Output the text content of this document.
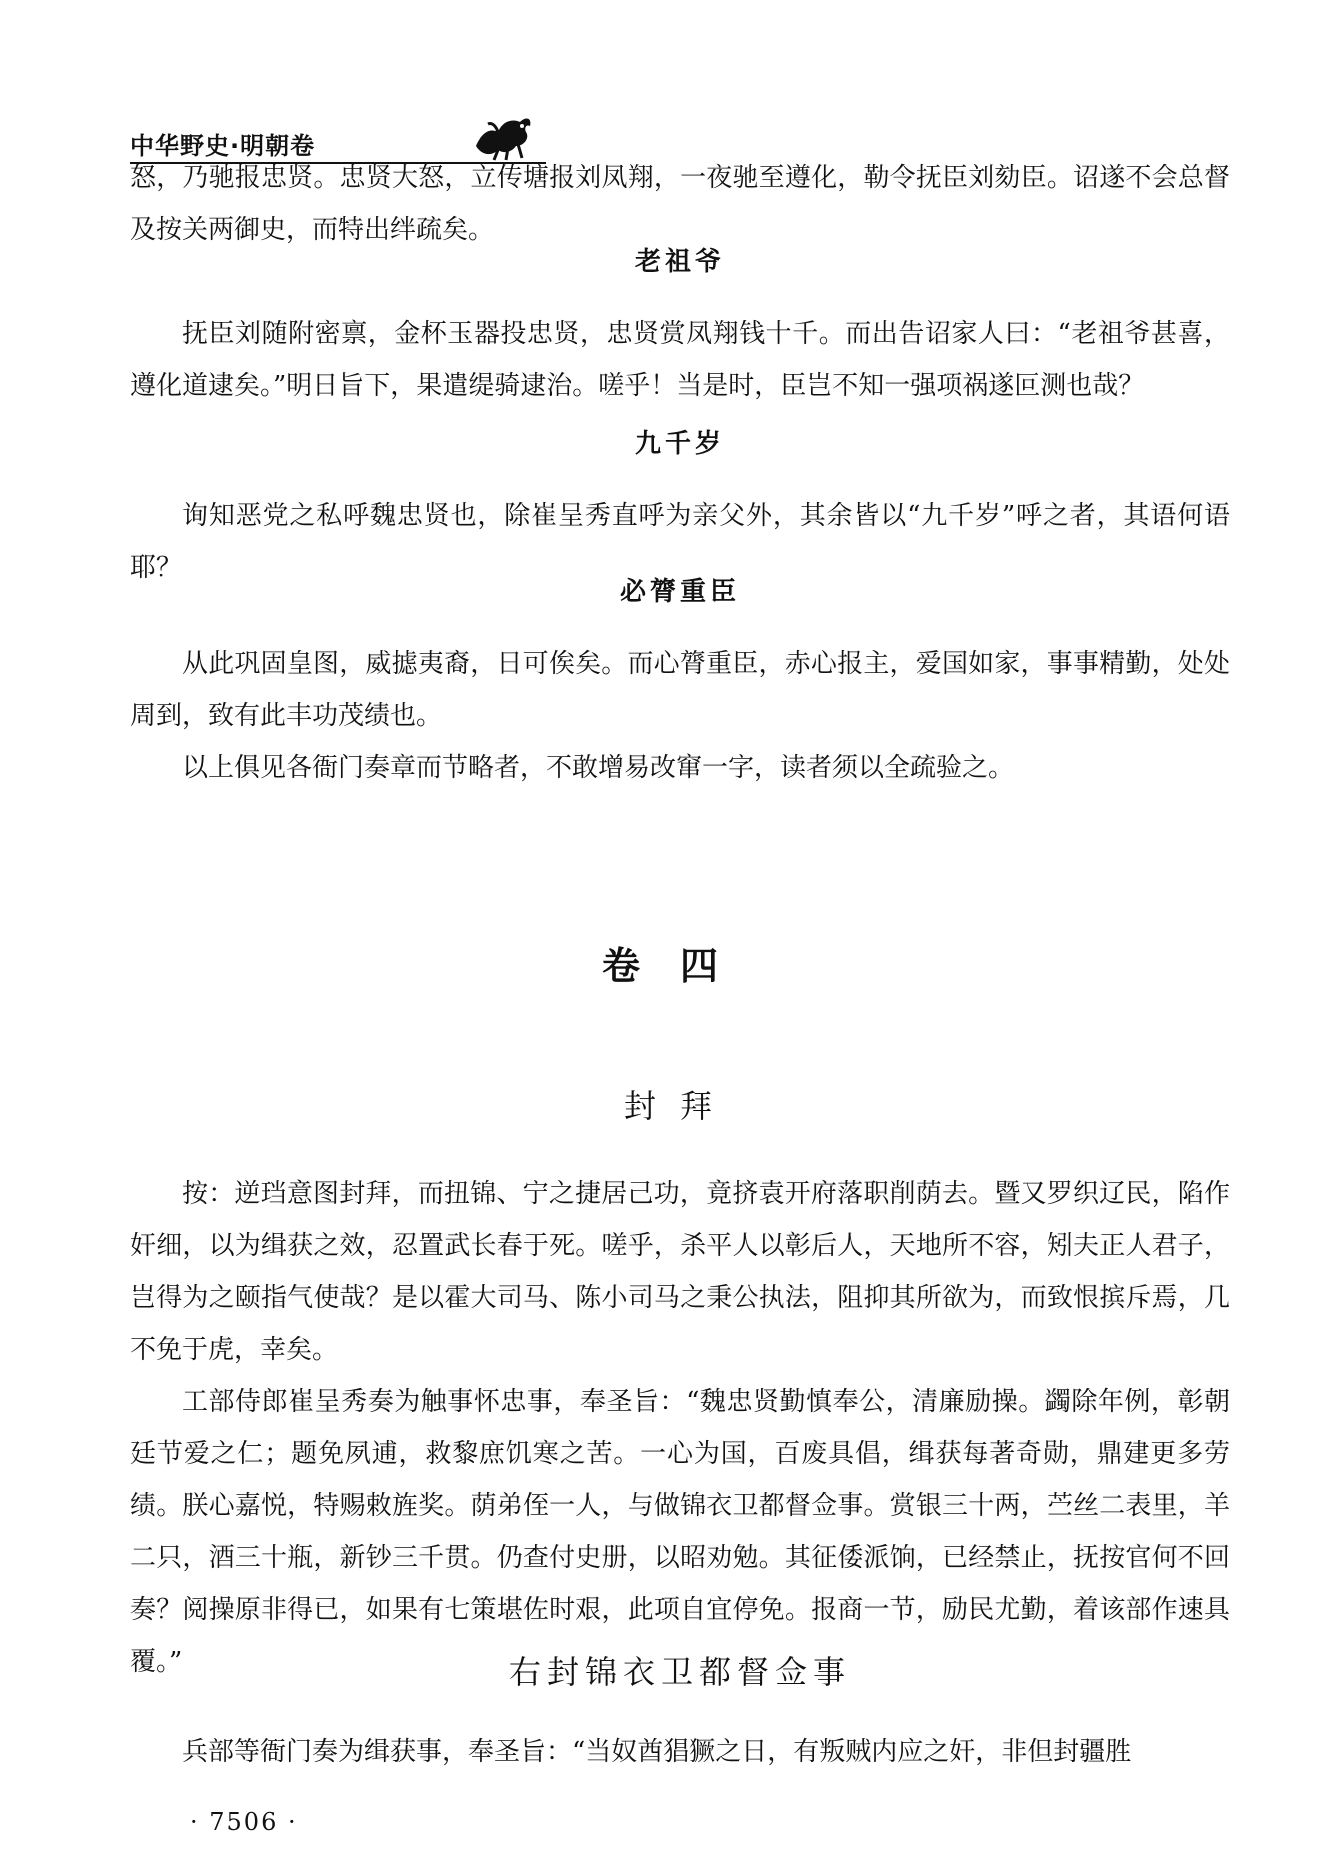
中华野史·明朝卷

怒，乃驰报忠贤。忠贤大怒，立传塘报刘凤翔，一夜驰至遵化，勒令抚臣刘劾臣。诏遂不会总督及按关两御史，而特出绊疏矣。

老祖爷

抚臣刘随附密禀，金杯玉器投忠贤，忠贤赏凤翔钱十千。而出告诏家人曰：“老祖爷甚喜，遵化道逮矣。”明日旨下，果遣缇骑逮治。嗟乎！当是时，臣岂不知一强项祸遂叵测也哉？

九千岁

询知恶党之私呼魏忠贤也，除崔呈秀直呼为亲父外，其余皆以“九千岁”呼之者，其语何语耶？

必膂重臣

从此巩固皇图，威摅夷裔，日可俟矣。而心膂重臣，赤心报主，爱国如家，事事精勤，处处周到，致有此丰功茂绩也。

以上俱见各衙门奏章而节略者，不敢增易改窜一字，读者须以全疏验之。

卷四
封拜

按：逆珰意图封拜，而扭锦、宁之捷居己功，竟挤袁开府落职削荫去。暨又罗织辽民，陷作奸细，以为缉获之效，忍置武长春于死。嗟乎，杀平人以彰后人，天地所不容，矧夫正人君子，岂得为之颐指气使哉？是以霍大司马、陈小司马之秉公执法，阻抑其所欲为，而致恨摈斥焉，几不免于虎，幸矣。

工部侍郎崔呈秀奏为触事怀忠事，奉圣旨：“魏忠贤勤慎奉公，清廉励操。蠲除年例，彰朝廷节爱之仁；题免夙逋，救黎庶饥寒之苦。一心为国，百废具倡，缉获每著奇勋，鼎建更多劳绩。朕心嘉悦，特赐敕旌奖。荫弟侄一人，与做锦衣卫都督佥事。赏银三十两，苎丝二表里，羊二只，酒三十瓶，新钞三千贯。仍查付史册，以昭劝勉。其征倭派饷，已经禁止，抚按官何不回奏？阅操原非得已，如果有七策堪佐时艰，此项自宜停免。报商一节，励民尤勤，着该部作速具覆。”	右封锦衣卫都督佥事

兵部等衙门奏为缉获事，奉圣旨：“当奴酋猖獗之日，有叛贼内应之奸，非但封疆胜

· 7506 ·
